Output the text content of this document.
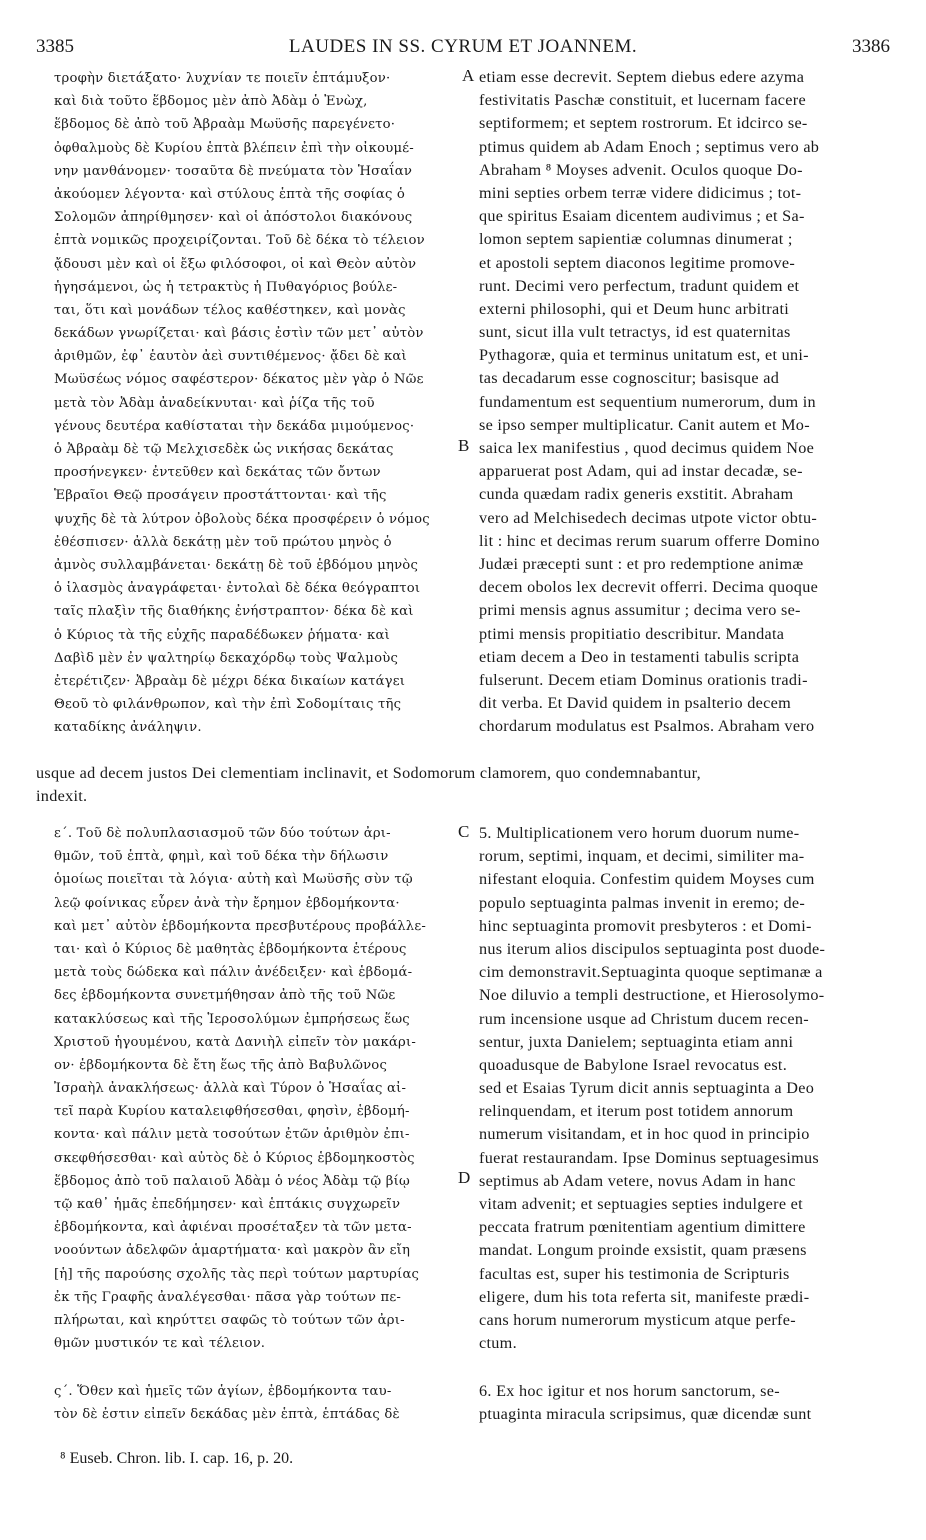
3385	LAUDES IN SS. CYRUM ET JOANNEM.	3386
A
B
C
D
τροφὴν διετάξατο· λυχνίαν τε ποιεῖν ἑπτάμυξον·
καὶ διὰ τοῦτο ἕβδομος μὲν ἀπὸ Ἀδὰμ ὁ Ἐνὼχ,
ἕβδομος δὲ ἀπὸ τοῦ Ἀβραὰμ Μωϋσῆς παρεγένετο·
ὀφθαλμοὺς δὲ Κυρίου ἑπτὰ βλέπειν ἐπὶ τὴν οἰκουμέ-
νην μανθάνομεν· τοσαῦτα δὲ πνεύματα τὸν Ἡσαΐαν
ἀκούομεν λέγοντα· καὶ στύλους ἑπτὰ τῆς σοφίας ὁ
Σολομῶν ἀπηρίθμησεν· καὶ οἱ ἀπόστολοι διακόνους
ἑπτὰ νομικῶς προχειρίζονται. Τοῦ δὲ δέκα τὸ τέλειον
ᾄδουσι μὲν καὶ οἱ ἔξω φιλόσοφοι, οἱ καὶ Θεὸν αὐτὸν
ἡγησάμενοι, ὡς ἡ τετρακτὺς ἡ Πυθαγόριος βούλε-
ται, ὅτι καὶ μονάδων τέλος καθέστηκεν, καὶ μονὰς
δεκάδων γνωρίζεται· καὶ βάσις ἐστὶν τῶν μετ᾽ αὐτὸν
ἀριθμῶν, ἐφ᾽ ἑαυτὸν ἀεὶ συντιθέμενος· ᾄδει δὲ καὶ
Μωϋσέως νόμος σαφέστερον· δέκατος μὲν γὰρ ὁ Νῶε
μετὰ τὸν Ἀδὰμ ἀναδείκνυται· καὶ ῥίζα τῆς τοῦ
γένους δευτέρα καθίσταται τὴν δεκάδα μιμούμενος·
ὁ Ἀβραὰμ δὲ τῷ Μελχισεδὲκ ὡς νικήσας δεκάτας
προσήνεγκεν· ἐντεῦθεν καὶ δεκάτας τῶν ὄντων
Ἑβραῖοι Θεῷ προσάγειν προστάττονται· καὶ τῆς
ψυχῆς δὲ τὰ λύτρον ὀβολοὺς δέκα προσφέρειν ὁ νόμος
ἐθέσπισεν· ἀλλὰ δεκάτῃ μὲν τοῦ πρώτου μηνὸς ὁ
ἀμνὸς συλλαμβάνεται· δεκάτῃ δὲ τοῦ ἑβδόμου μηνὸς
ὁ ἱλασμὸς ἀναγράφεται· ἐντολαὶ δὲ δέκα θεόγραπτοι
ταῖς πλαξὶν τῆς διαθήκης ἐνήστραπτον· δέκα δὲ καὶ
ὁ Κύριος τὰ τῆς εὐχῆς παραδέδωκεν ῥήματα· καὶ
Δαβὶδ μὲν ἐν ψαλτηρίῳ δεκαχόρδῳ τοὺς Ψαλμοὺς
ἐτερέτιζεν· Ἀβραὰμ δὲ μέχρι δέκα δικαίων κατάγει
Θεοῦ τὸ φιλάνθρωπον, καὶ τὴν ἐπὶ Σοδομίταις τῆς
καταδίκης ἀνάληψιν.
etiam esse decrevit. Septem diebus edere azyma
festivitatis Paschæ constituit, et lucernam facere
septiformem; et septem rostrorum. Et idcirco se-
ptimus quidem ab Adam Enoch ; septimus vero ab
Abraham ⁸ Moyses advenit. Oculos quoque Do-
mini septies orbem terræ videre didicimus ; tot-
que spiritus Esaiam dicentem audivimus ; et Sa-
lomon septem sapientiæ columnas dinumerat ;
et apostoli septem diaconos legitime promove-
runt. Decimi vero perfectum, tradunt quidem et
externi philosophi, qui et Deum hunc arbitrati
sunt, sicut illa vult tetractys, id est quaternitas
Pythagoræ, quia et terminus unitatum est, et uni-
tas decadarum esse cognoscitur; basisque ad
fundamentum est sequentium numerorum, dum in
se ipso semper multiplicatur. Canit autem et Mo-
saica lex manifestius , quod decimus quidem Noe
apparuerat post Adam, qui ad instar decadæ, se-
cunda quædam radix generis exstitit. Abraham
vero ad Melchisedech decimas utpote victor obtu-
lit : hinc et decimas rerum suarum offerre Domino
Judæi præcepti sunt : et pro redemptione animæ
decem obolos lex decrevit offerri. Decima quoque
primi mensis agnus assumitur ; decima vero se-
ptimi mensis propitiatio describitur. Mandata
etiam decem a Deo in testamenti tabulis scripta
fulserunt. Decem etiam Dominus orationis tradi-
dit verba. Et David quidem in psalterio decem
chordarum modulatus est Psalmos. Abraham vero
usque ad decem justos Dei clementiam inclinavit, et Sodomorum clamorem, quo condemnabantur,
indexit.
ε´. Τοῦ δὲ πολυπλασιασμοῦ τῶν δύο τούτων ἀρι-
θμῶν, τοῦ ἑπτὰ, φημὶ, καὶ τοῦ δέκα τὴν δήλωσιν
ὁμοίως ποιεῖται τὰ λόγια· αὐτὴ καὶ Μωϋσῆς σὺν τῷ
λεῷ φοίνικας εὗρεν ἀνὰ τὴν ἔρημον ἑβδομήκοντα·
καὶ μετ᾽ αὐτὸν ἑβδομήκοντα πρεσβυτέρους προβάλλε-
ται· καὶ ὁ Κύριος δὲ μαθητὰς ἑβδομήκοντα ἑτέρους
μετὰ τοὺς δώδεκα καὶ πάλιν ἀνέδειξεν· καὶ ἑβδομά-
δες ἑβδομήκοντα συνετμήθησαν ἀπὸ τῆς τοῦ Νῶε
κατακλύσεως καὶ τῆς Ἱεροσολύμων ἐμπρήσεως ἕως
Χριστοῦ ἡγουμένου, κατὰ Δανιὴλ εἰπεῖν τὸν μακάρι-
ον· ἑβδομήκοντα δὲ ἔτη ἕως τῆς ἀπὸ Βαβυλῶνος
Ἰσραὴλ ἀνακλήσεως· ἀλλὰ καὶ Τύρον ὁ Ἡσαΐας αἰ-
τεῖ παρὰ Κυρίου καταλειφθήσεσθαι, φησὶν, ἑβδομή-
κοντα· καὶ πάλιν μετὰ τοσούτων ἐτῶν ἀριθμὸν ἐπι-
σκεφθήσεσθαι· καὶ αὐτὸς δὲ ὁ Κύριος ἑβδομηκοστὸς
ἕβδομος ἀπὸ τοῦ παλαιοῦ Ἀδὰμ ὁ νέος Ἀδὰμ τῷ βίῳ
τῷ καθ᾽ ἡμᾶς ἐπεδήμησεν· καὶ ἑπτάκις συγχωρεῖν
ἑβδομήκοντα, καὶ ἀφιέναι προσέταξεν τὰ τῶν μετα-
νοούντων ἀδελφῶν ἁμαρτήματα· καὶ μακρὸν ἂν εἴη
[ἡ] τῆς παρούσης σχολῆς τὰς περὶ τούτων μαρτυρίας
ἐκ τῆς Γραφῆς ἀναλέγεσθαι· πᾶσα γὰρ τούτων πε-
πλήρωται, καὶ κηρύττει σαφῶς τὸ τούτων τῶν ἀρι-
θμῶν μυστικόν τε καὶ τέλειον.
5. Multiplicationem vero horum duorum nume-
rorum, septimi, inquam, et decimi, similiter ma-
nifestant eloquia. Confestim quidem Moyses cum
populo septuaginta palmas invenit in eremo; de-
hinc septuaginta promovit presbyteros : et Domi-
nus iterum alios discipulos septuaginta post duode-
cim demonstravit.Septuaginta quoque septimanæ a
Noe diluvio a templi destructione, et Hierosolymo-
rum incensione usque ad Christum ducem recen-
sentur, juxta Danielem; septuaginta etiam anni
quoadusque de Babylone Israel revocatus est.
sed et Esaias Tyrum dicit annis septuaginta a Deo
relinquendam, et iterum post totidem annorum
numerum visitandam, et in hoc quod in principio
fuerat restaurandam. Ipse Dominus septuagesimus
septimus ab Adam vetere, novus Adam in hanc
vitam advenit; et septuagies septies indulgere et
peccata fratrum pœnitentiam agentium dimittere
mandat. Longum proinde exsistit, quam præsens
facultas est, super his testimonia de Scripturis
eligere, dum his tota referta sit, manifeste prædi-
cans horum numerorum mysticum atque perfe-
ctum.
ς´. Ὅθεν καὶ ἡμεῖς τῶν ἁγίων, ἑβδομήκοντα ταυ-
τὸν δὲ ἐστιν εἰπεῖν δεκάδας μὲν ἑπτὰ, ἑπτάδας δὲ
6. Ex hoc igitur et nos horum sanctorum, se-
ptuaginta miracula scripsimus, quæ dicendæ sunt
⁸ Euseb. Chron. lib. I. cap. 16, p. 20.
